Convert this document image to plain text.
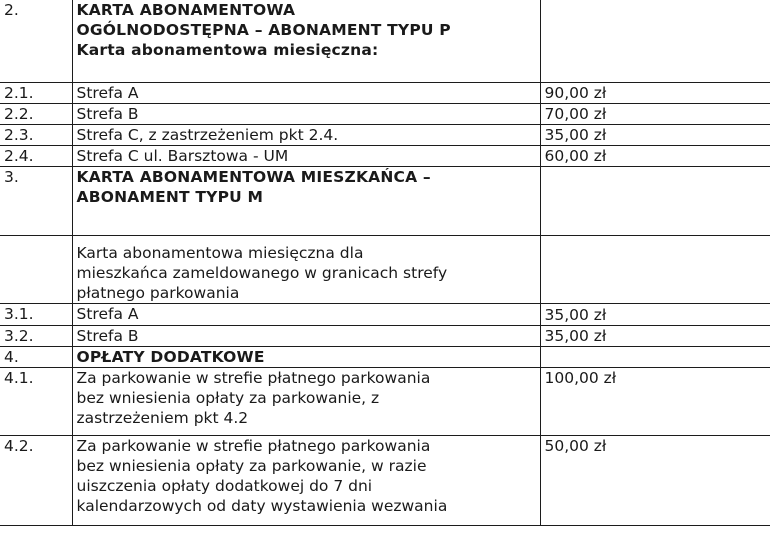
2.	KARTA ABONAMENTOWA
OGÓLNODOSTĘPNA – ABONAMENT TYPU P
Karta abonamentowa miesięczna:	

2.1.	Strefa A	90,00 zł
2.2.	Strefa B	70,00 zł
2.3.	Strefa C, z zastrzeżeniem pkt 2.4.	35,00 zł
2.4.	Strefa C ul. Barsztowa - UM	60,00 zł
3.	KARTA ABONAMENTOWA MIESZKAŃCA –
ABONAMENT TYPU M	

	Karta abonamentowa miesięczna dla
mieszkańca zameldowanego w granicach strefy
płatnego parkowania	

3.1.	Strefa A	35,00 zł
3.2.	Strefa B	35,00 zł
4.	OPŁATY DODATKOWE	
4.1.	Za parkowanie w strefie płatnego parkowania
bez wniesienia opłaty za parkowanie, z
zastrzeżeniem pkt 4.2	100,00 zł
4.2.	Za parkowanie w strefie płatnego parkowania
bez wniesienia opłaty za parkowanie, w razie
uiszczenia opłaty dodatkowej do 7 dni
kalendarzowych od daty wystawienia wezwania	50,00 zł
